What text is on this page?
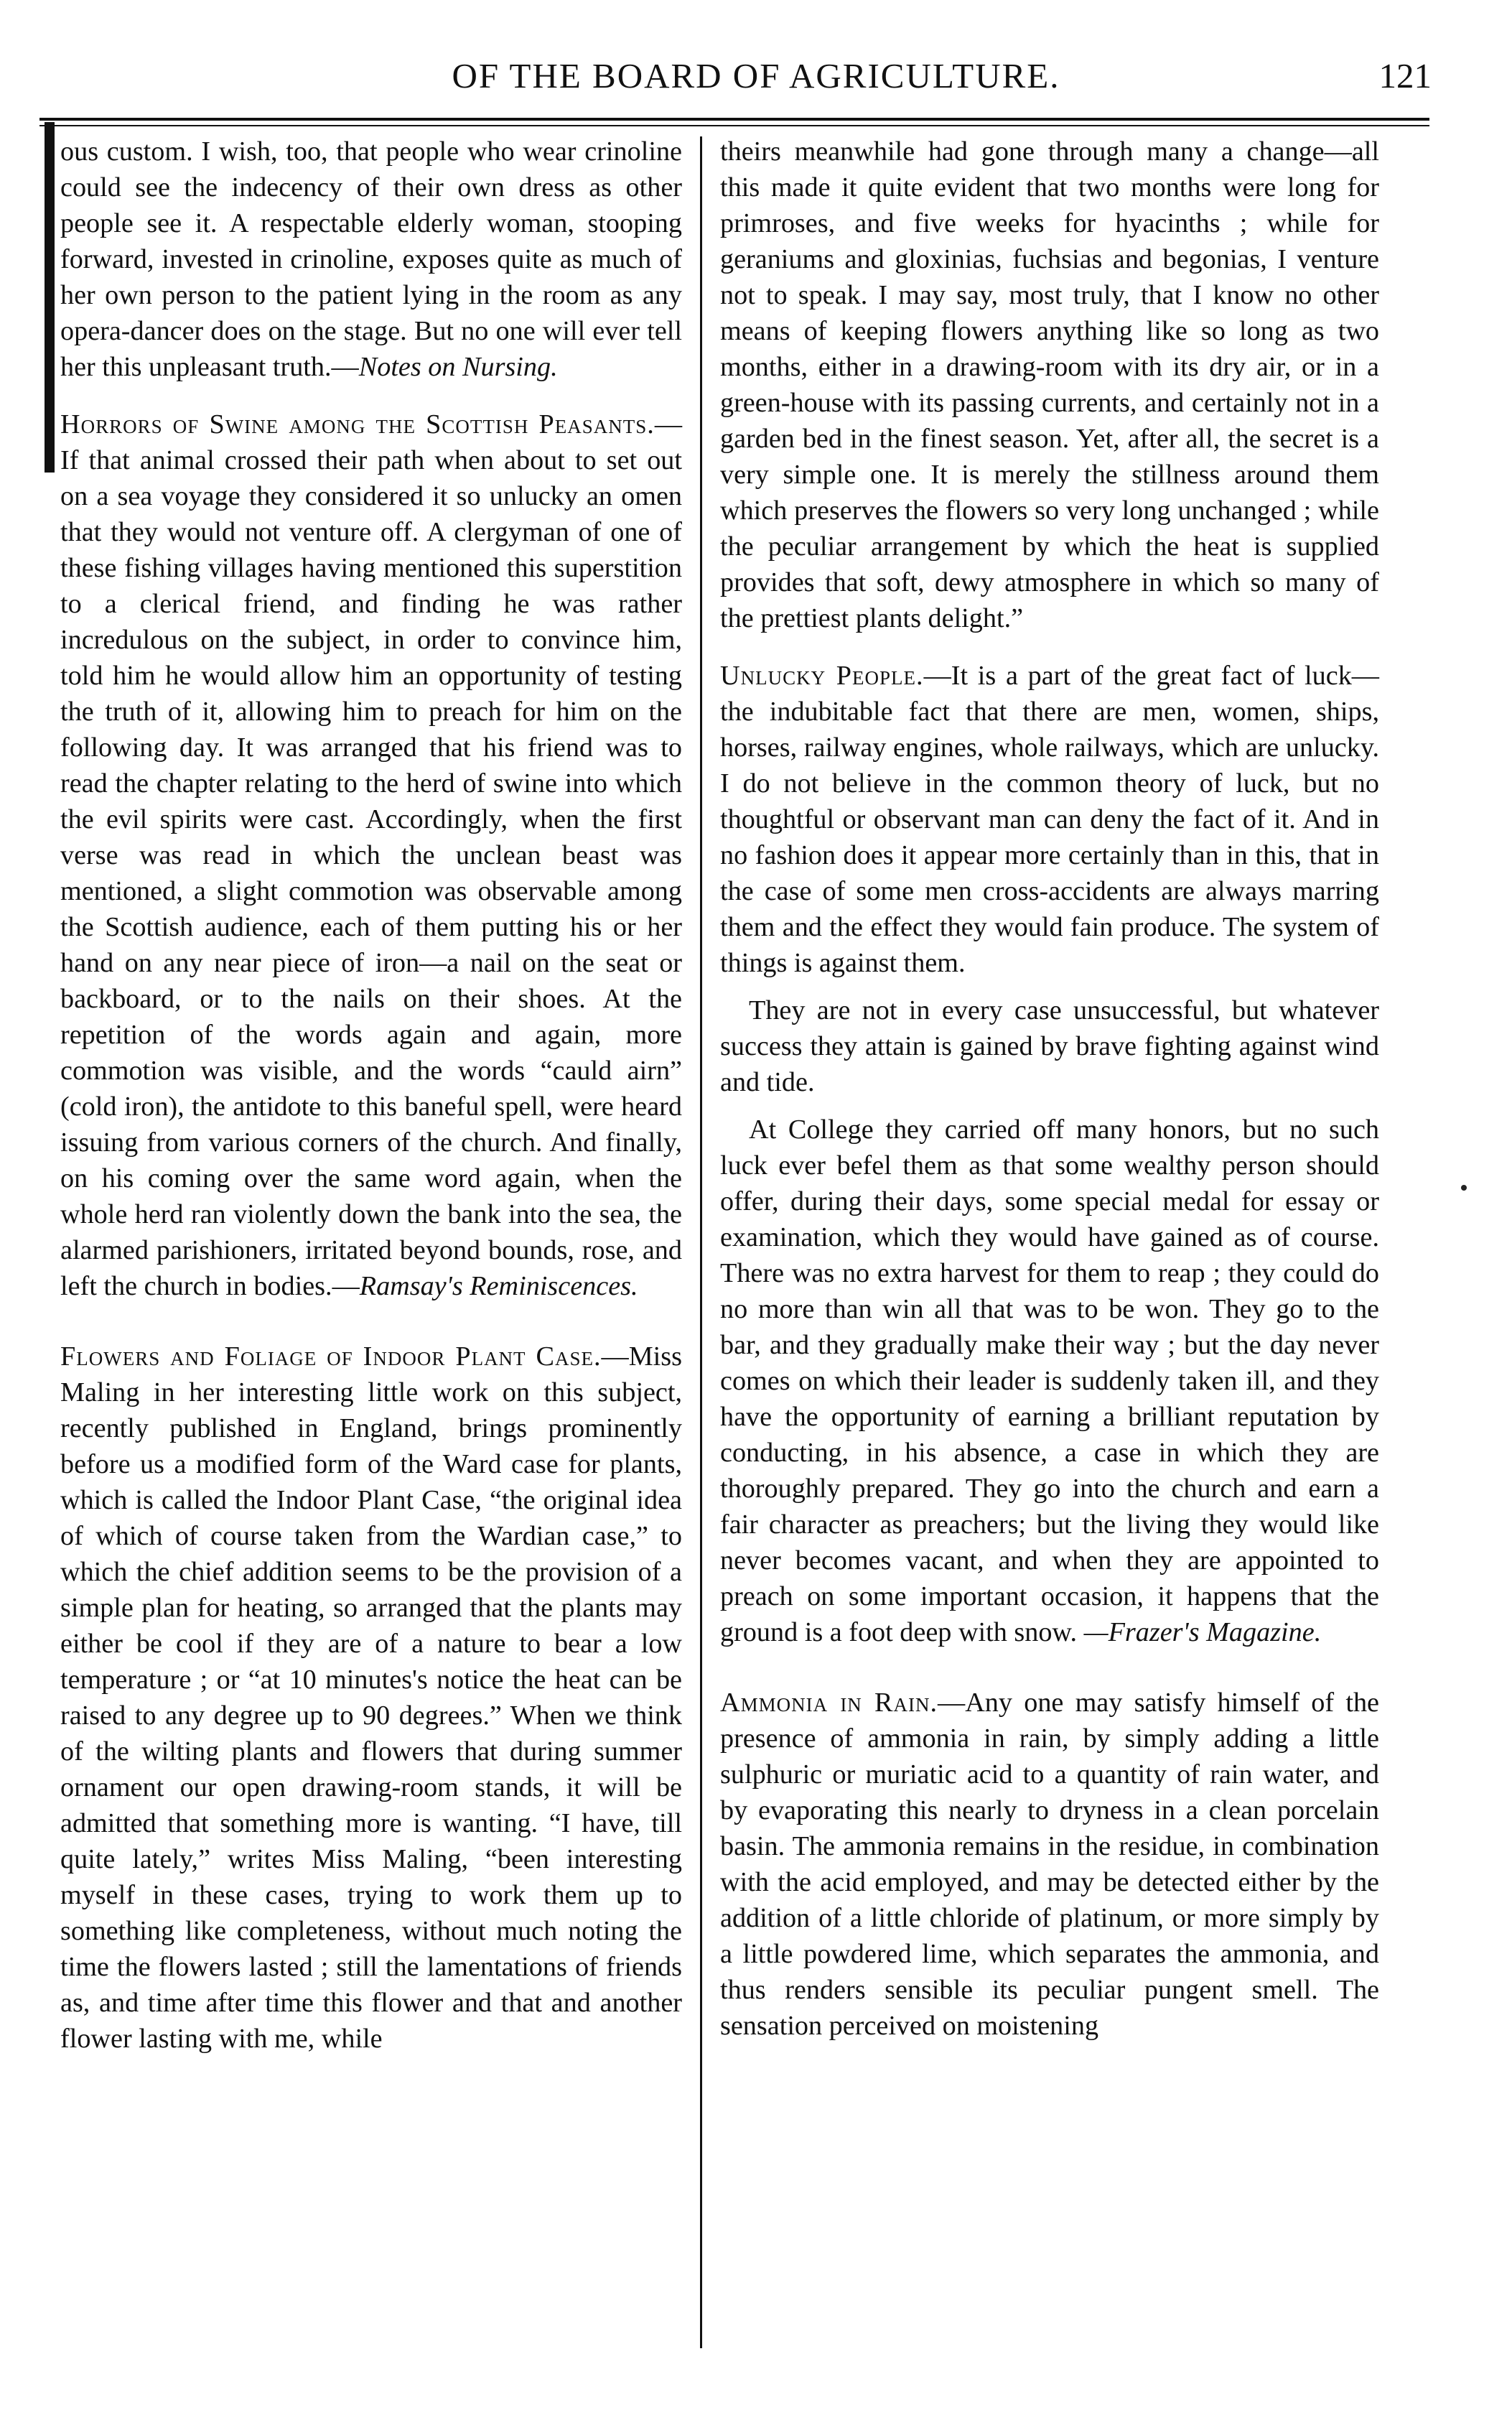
OF THE BOARD OF AGRICULTURE.	121

ous custom. I wish, too, that people who wear crinoline could see the indecency of their own dress as other people see it. A respectable elderly woman, stooping forward, invested in crinoline, exposes quite as much of her own person to the patient lying in the room as any opera-dancer does on the stage. But no one will ever tell her this unpleasant truth.—Notes on Nursing.

Horrors of Swine among the Scottish Peasants.—If that animal crossed their path when about to set out on a sea voyage they considered it so unlucky an omen that they would not venture off. A clergyman of one of these fishing villages having mentioned this superstition to a clerical friend, and finding he was rather incredulous on the subject, in order to convince him, told him he would allow him an opportunity of testing the truth of it, allowing him to preach for him on the following day. It was arranged that his friend was to read the chapter relating to the herd of swine into which the evil spirits were cast. Accordingly, when the first verse was read in which the unclean beast was mentioned, a slight commotion was observable among the Scottish audience, each of them putting his or her hand on any near piece of iron—a nail on the seat or backboard, or to the nails on their shoes. At the repetition of the words again and again, more commotion was visible, and the words “cauld airn” (cold iron), the antidote to this baneful spell, were heard issuing from various corners of the church. And finally, on his coming over the same word again, when the whole herd ran violently down the bank into the sea, the alarmed parishioners, irritated beyond bounds, rose, and left the church in bodies.—Ramsay's Reminiscences.

Flowers and Foliage of Indoor Plant Case.—Miss Maling in her interesting little work on this subject, recently published in England, brings prominently before us a modified form of the Ward case for plants, which is called the Indoor Plant Case, “the original idea of which of course taken from the Wardian case,” to which the chief addition seems to be the provision of a simple plan for heating, so arranged that the plants may either be cool if they are of a nature to bear a low temperature ; or “at 10 minutes's notice the heat can be raised to any degree up to 90 degrees.” When we think of the wilting plants and flowers that during summer ornament our open drawing-room stands, it will be admitted that something more is wanting. “I have, till quite lately,” writes Miss Maling, “been interesting myself in these cases, trying to work them up to something like completeness, without much noting the time the flowers lasted ; still the lamentations of friends as, and time after time this flower and that and another flower lasting with me, while

theirs meanwhile had gone through many a change—all this made it quite evident that two months were long for primroses, and five weeks for hyacinths ; while for geraniums and gloxinias, fuchsias and begonias, I venture not to speak. I may say, most truly, that I know no other means of keeping flowers anything like so long as two months, either in a drawing-room with its dry air, or in a green-house with its passing currents, and certainly not in a garden bed in the finest season. Yet, after all, the secret is a very simple one. It is merely the stillness around them which preserves the flowers so very long unchanged ; while the peculiar arrangement by which the heat is supplied provides that soft, dewy atmosphere in which so many of the prettiest plants delight.”

Unlucky People.—It is a part of the great fact of luck—the indubitable fact that there are men, women, ships, horses, railway engines, whole railways, which are unlucky. I do not believe in the common theory of luck, but no thoughtful or observant man can deny the fact of it. And in no fashion does it appear more certainly than in this, that in the case of some men cross-accidents are always marring them and the effect they would fain produce. The system of things is against them.

They are not in every case unsuccessful, but whatever success they attain is gained by brave fighting against wind and tide.

At College they carried off many honors, but no such luck ever befel them as that some wealthy person should offer, during their days, some special medal for essay or examination, which they would have gained as of course. There was no extra harvest for them to reap ; they could do no more than win all that was to be won. They go to the bar, and they gradually make their way ; but the day never comes on which their leader is suddenly taken ill, and they have the opportunity of earning a brilliant reputation by conducting, in his absence, a case in which they are thoroughly prepared. They go into the church and earn a fair character as preachers; but the living they would like never becomes vacant, and when they are appointed to preach on some important occasion, it happens that the ground is a foot deep with snow. —Frazer's Magazine.

Ammonia in Rain.—Any one may satisfy himself of the presence of ammonia in rain, by simply adding a little sulphuric or muriatic acid to a quantity of rain water, and by evaporating this nearly to dryness in a clean porcelain basin. The ammonia remains in the residue, in combination with the acid employed, and may be detected either by the addition of a little chloride of platinum, or more simply by a little powdered lime, which separates the ammonia, and thus renders sensible its peculiar pungent smell. The sensation perceived on moistening
